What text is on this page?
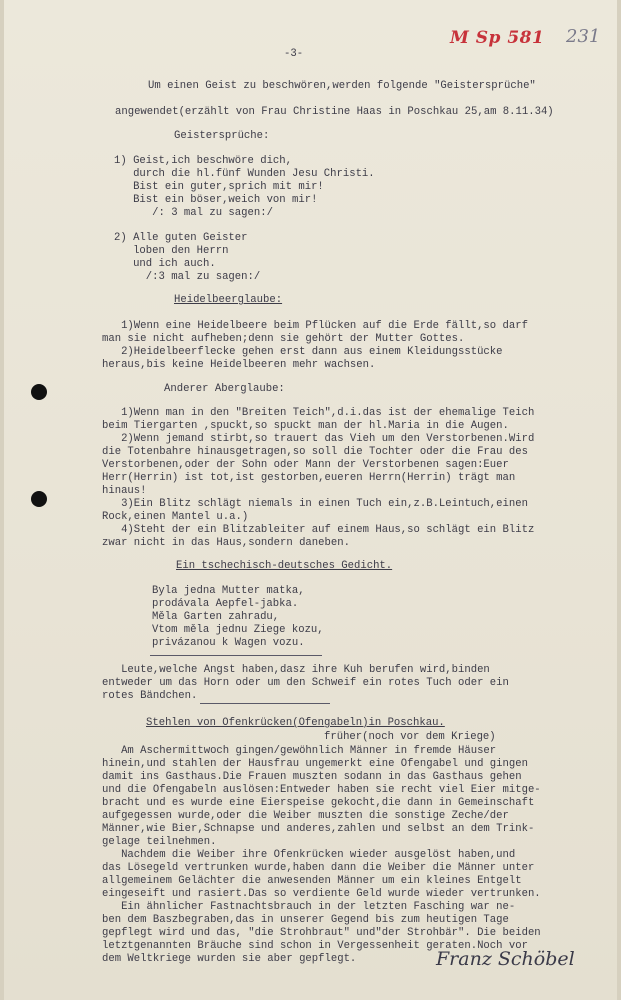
M Sp 581 231
-3-
Um einen Geist zu beschwören,werden folgende "Geistersprüche"
angewendet(erzählt von Frau Christine Haas in Poschkau 25,am 8.11.34)
Geistersprüche:
1) Geist,ich beschwöre dich,
durch die hl.fünf Wunden Jesu Christi.
Bist ein guter,sprich mit mir!
Bist ein böser,weich von mir!
/: 3 mal zu sagen:/
2) Alle guten Geister
loben den Herrn
und ich auch.
/:3 mal zu sagen:/
Heidelbeerglaube:
1)Wenn eine Heidelbeere beim Pflücken auf die Erde fällt,so darf
man sie nicht aufheben;denn sie gehört der Mutter Gottes.
2)Heidelbeerflecke gehen erst dann aus einem Kleidungsstücke
heraus,bis keine Heidelbeeren mehr wachsen.
Anderer Aberglaube:
1)Wenn man in den "Breiten Teich",d.i.das ist der ehemalige Teich
beim Tiergarten ,spuckt,so spuckt man der hl.Maria in die Augen.
2)Wenn jemand stirbt,so trauert das Vieh um den Verstorbenen.Wird
die Totenbahre hinausgetragen,so soll die Tochter oder die Frau des
Verstorbenen,oder der Sohn oder Mann der Verstorbenen sagen:Euer
Herr(Herrin) ist tot,ist gestorben,eueren Herrn(Herrin) trägt man
hinaus!
3)Ein Blitz schlägt niemals in einen Tuch ein,z.B.Leintuch,einen
Rock,einen Mantel u.a.)
4)Steht der ein Blitzableiter auf einem Haus,so schlägt ein Blitz
zwar nicht in das Haus,sondern daneben.
Ein tschechisch-deutsches Gedicht.
Byla jedna Mutter matka,
prodávala Aepfel-jabka.
Měla Garten zahradu,
Vtom měla jednu Ziege kozu,
privázanou k Wagen vozu.
Leute,welche Angst haben,dasz ihre Kuh berufen wird,binden
entweder um das Horn oder um den Schweif ein rotes Tuch oder ein
rotes Bändchen.
Stehlen von Ofenkrücken(Ofengabeln)in Poschkau.
früher(noch vor dem Kriege)
Am Aschermittwoch gingen/gewöhnlich Männer in fremde Häuser
hinein,und stahlen der Hausfrau ungemerkt eine Ofengabel und gingen
damit ins Gasthaus.Die Frauen muszten sodann in das Gasthaus gehen
und die Ofengabeln auslösen:Entweder haben sie recht viel Eier mitge-
bracht und es wurde eine Eierspeise gekocht,die dann in Gemeinschaft
aufgegessen wurde,oder die Weiber muszten die sonstige Zeche/der
Männer,wie Bier,Schnapse und anderes,zahlen und selbst an dem Trink-
gelage teilnehmen.
Nachdem die Weiber ihre Ofenkrücken wieder ausgelöst haben,und
das Lösegeld vertrunken wurde,haben dann die Weiber die Männer unter
allgemeinem Gelächter die anwesenden Männer um ein kleines Entgelt
eingeseift und rasiert.Das so verdiente Geld wurde wieder vertrunken.
Ein ähnlicher Fastnachtsbrauch in der letzten Fasching war ne-
ben dem Baszbegraben,das in unserer Gegend bis zum heutigen Tage
gepflegt wird und das, "die Strohbraut" und"der Strohbär". Die beiden
letztgenannten Bräuche sind schon in Vergessenheit geraten.Noch vor
dem Weltkriege wurden sie aber gepflegt.	Franz Schöbel
